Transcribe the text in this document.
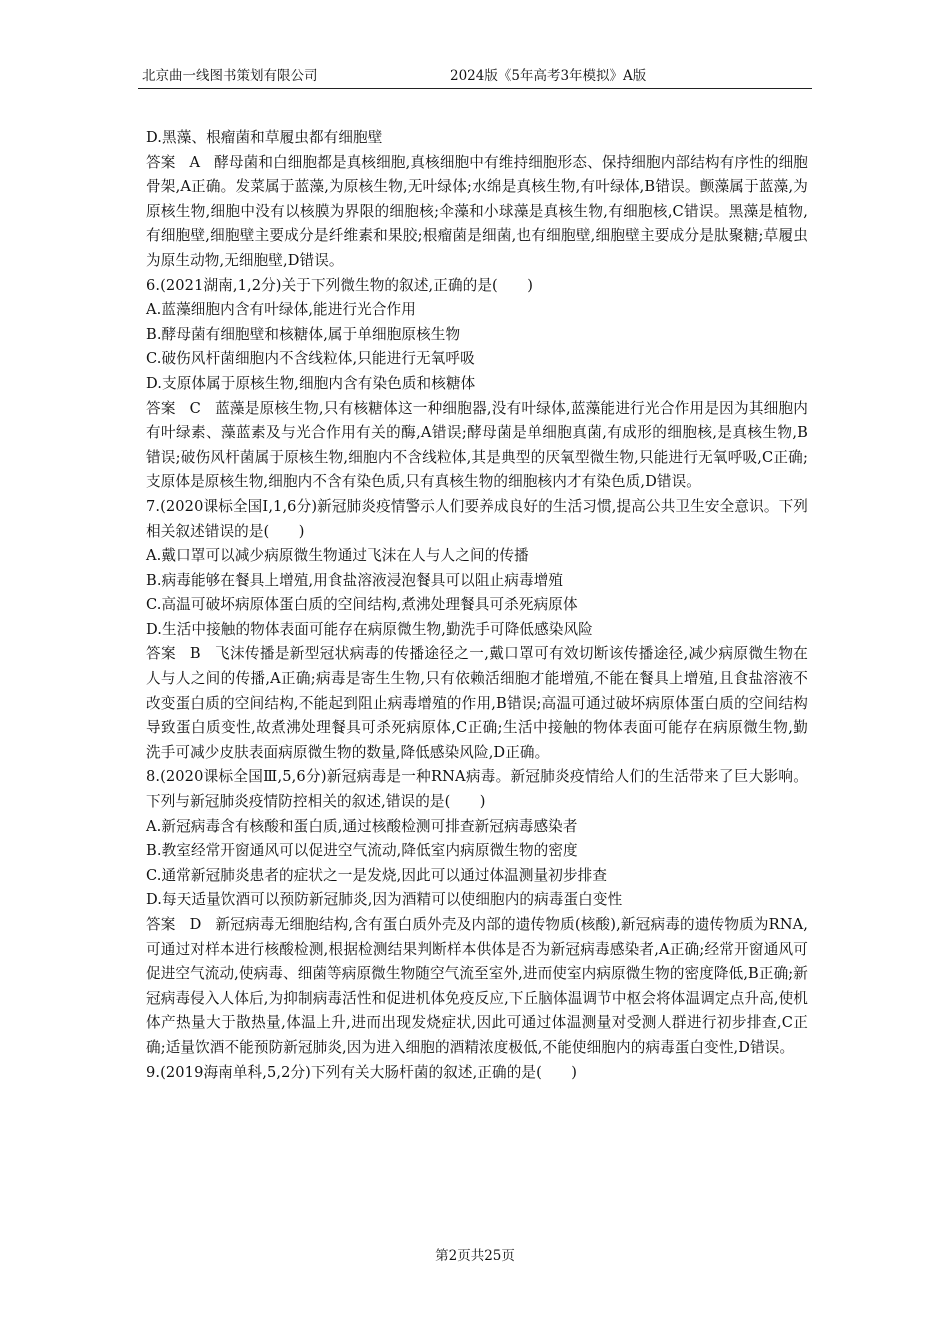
北京曲一线图书策划有限公司	2024版《5年高考3年模拟》A版
D.黑藻、根瘤菌和草履虫都有细胞壁
答案 A 酵母菌和白细胞都是真核细胞,真核细胞中有维持细胞形态、保持细胞内部结构有序性的细胞骨架,A正确。发菜属于蓝藻,为原核生物,无叶绿体;水绵是真核生物,有叶绿体,B错误。颤藻属于蓝藻,为原核生物,细胞中没有以核膜为界限的细胞核;伞藻和小球藻是真核生物,有细胞核,C错误。黑藻是植物,有细胞壁,细胞壁主要成分是纤维素和果胶;根瘤菌是细菌,也有细胞壁,细胞壁主要成分是肽聚糖;草履虫为原生动物,无细胞壁,D错误。
6.(2021湖南,1,2分)关于下列微生物的叙述,正确的是(　　)
A.蓝藻细胞内含有叶绿体,能进行光合作用
B.酵母菌有细胞壁和核糖体,属于单细胞原核生物
C.破伤风杆菌细胞内不含线粒体,只能进行无氧呼吸
D.支原体属于原核生物,细胞内含有染色质和核糖体
答案 C 蓝藻是原核生物,只有核糖体这一种细胞器,没有叶绿体,蓝藻能进行光合作用是因为其细胞内有叶绿素、藻蓝素及与光合作用有关的酶,A错误;酵母菌是单细胞真菌,有成形的细胞核,是真核生物,B错误;破伤风杆菌属于原核生物,细胞内不含线粒体,其是典型的厌氧型微生物,只能进行无氧呼吸,C正确;支原体是原核生物,细胞内不含有染色质,只有真核生物的细胞核内才有染色质,D错误。
7.(2020课标全国Ⅰ,1,6分)新冠肺炎疫情警示人们要养成良好的生活习惯,提高公共卫生安全意识。下列相关叙述错误的是(　　)
A.戴口罩可以减少病原微生物通过飞沫在人与人之间的传播
B.病毒能够在餐具上增殖,用食盐溶液浸泡餐具可以阻止病毒增殖
C.高温可破坏病原体蛋白质的空间结构,煮沸处理餐具可杀死病原体
D.生活中接触的物体表面可能存在病原微生物,勤洗手可降低感染风险
答案 B 飞沫传播是新型冠状病毒的传播途径之一,戴口罩可有效切断该传播途径,减少病原微生物在人与人之间的传播,A正确;病毒是寄生生物,只有依赖活细胞才能增殖,不能在餐具上增殖,且食盐溶液不改变蛋白质的空间结构,不能起到阻止病毒增殖的作用,B错误;高温可通过破坏病原体蛋白质的空间结构导致蛋白质变性,故煮沸处理餐具可杀死病原体,C正确;生活中接触的物体表面可能存在病原微生物,勤洗手可减少皮肤表面病原微生物的数量,降低感染风险,D正确。
8.(2020课标全国Ⅲ,5,6分)新冠病毒是一种RNA病毒。新冠肺炎疫情给人们的生活带来了巨大影响。下列与新冠肺炎疫情防控相关的叙述,错误的是(　　)
A.新冠病毒含有核酸和蛋白质,通过核酸检测可排查新冠病毒感染者
B.教室经常开窗通风可以促进空气流动,降低室内病原微生物的密度
C.通常新冠肺炎患者的症状之一是发烧,因此可以通过体温测量初步排查
D.每天适量饮酒可以预防新冠肺炎,因为酒精可以使细胞内的病毒蛋白变性
答案 D 新冠病毒无细胞结构,含有蛋白质外壳及内部的遗传物质(核酸),新冠病毒的遗传物质为RNA,可通过对样本进行核酸检测,根据检测结果判断样本供体是否为新冠病毒感染者,A正确;经常开窗通风可促进空气流动,使病毒、细菌等病原微生物随空气流至室外,进而使室内病原微生物的密度降低,B正确;新冠病毒侵入人体后,为抑制病毒活性和促进机体免疫反应,下丘脑体温调节中枢会将体温调定点升高,使机体产热量大于散热量,体温上升,进而出现发烧症状,因此可通过体温测量对受测人群进行初步排查,C正确;适量饮酒不能预防新冠肺炎,因为进入细胞的酒精浓度极低,不能使细胞内的病毒蛋白变性,D错误。
9.(2019海南单科,5,2分)下列有关大肠杆菌的叙述,正确的是(　　)
第2页共25页
